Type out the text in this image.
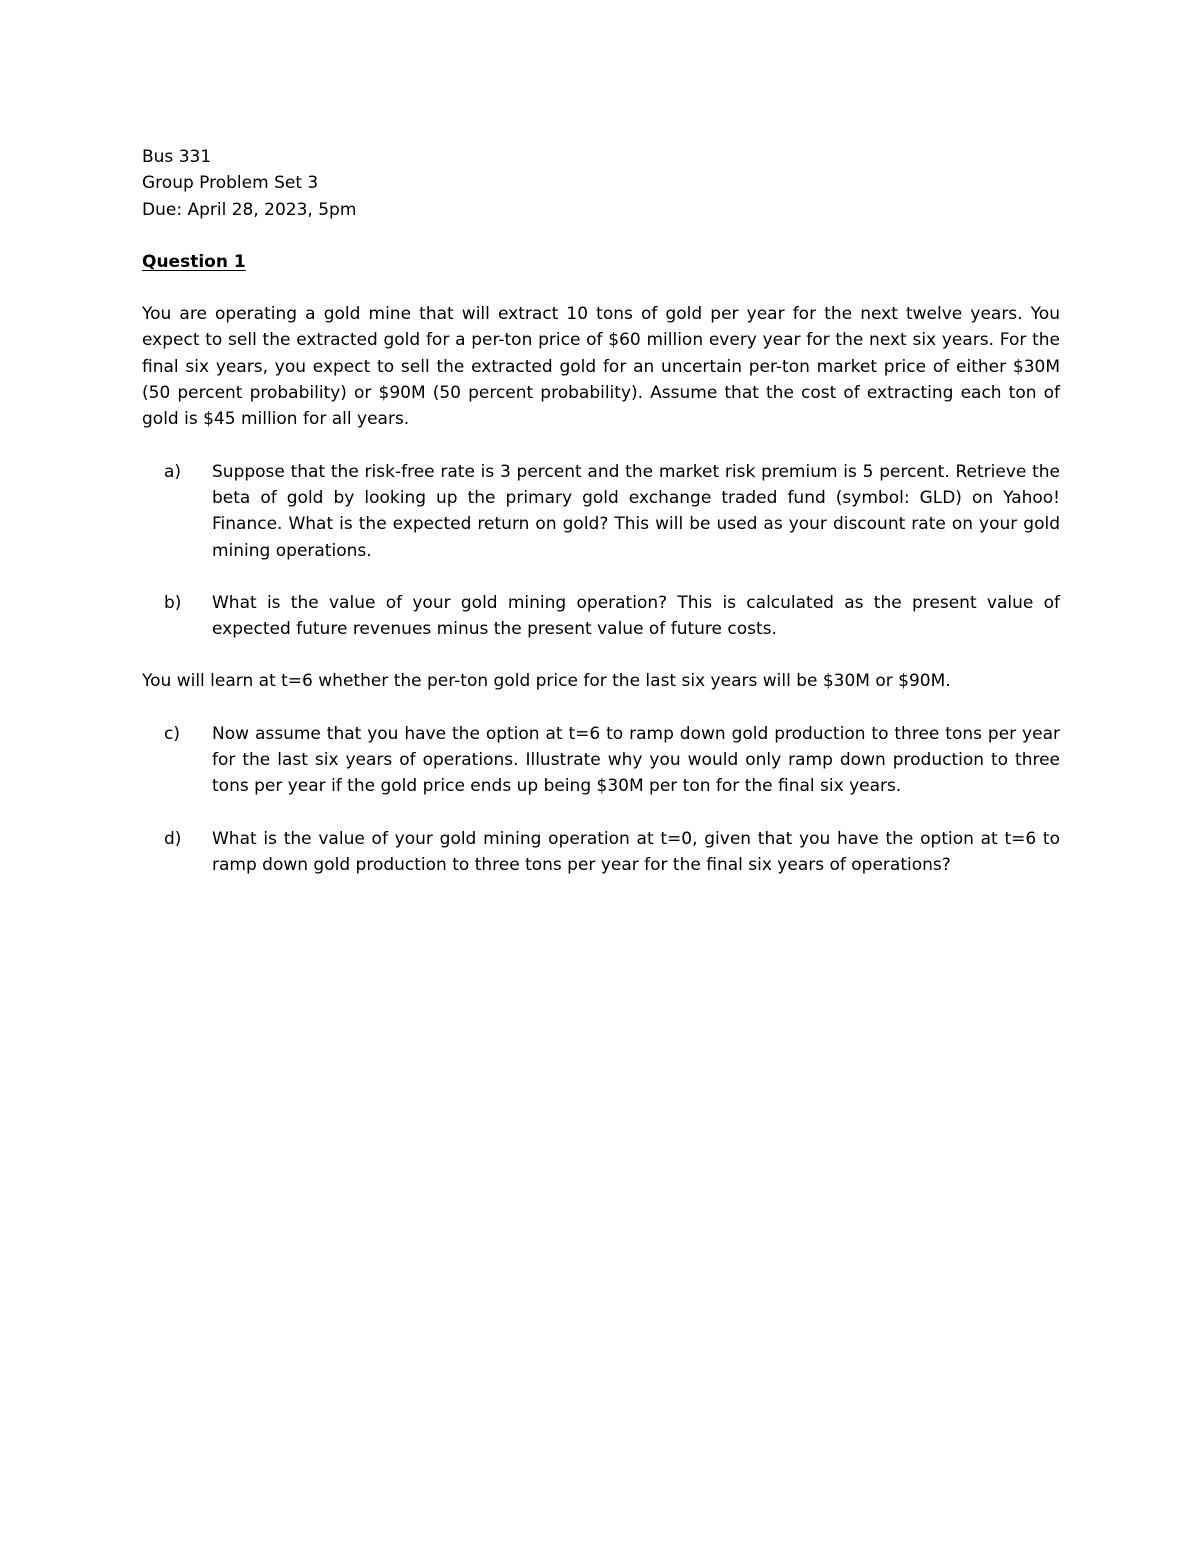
Bus 331

Group Problem Set 3

Due: April 28, 2023, 5pm

Question 1

You are operating a gold mine that will extract 10 tons of gold per year for the next twelve years. You expect to sell the extracted gold for a per-ton price of $60 million every year for the next six years. For the final six years, you expect to sell the extracted gold for an uncertain per-ton market price of either $30M (50 percent probability) or $90M (50 percent probability). Assume that the cost of extracting each ton of gold is $45 million for all years.

a)	Suppose that the risk-free rate is 3 percent and the market risk premium is 5 percent. Retrieve the beta of gold by looking up the primary gold exchange traded fund (symbol: GLD) on Yahoo! Finance. What is the expected return on gold? This will be used as your discount rate on your gold mining operations.
b)	What is the value of your gold mining operation? This is calculated as the present value of expected future revenues minus the present value of future costs.

You will learn at t=6 whether the per-ton gold price for the last six years will be $30M or $90M.

c)	Now assume that you have the option at t=6 to ramp down gold production to three tons per year for the last six years of operations. Illustrate why you would only ramp down production to three tons per year if the gold price ends up being $30M per ton for the final six years.
d)	What is the value of your gold mining operation at t=0, given that you have the option at t=6 to ramp down gold production to three tons per year for the final six years of operations?
